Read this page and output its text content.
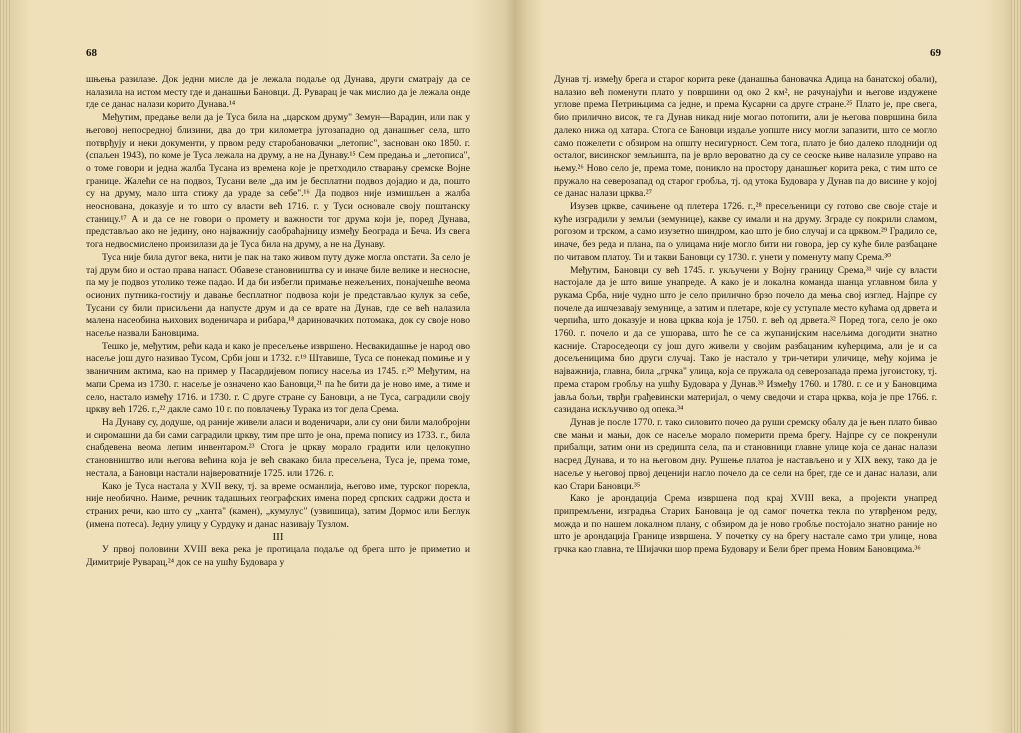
68

шњења разилазе. Док једни мисле да је лежала подаље од Дунава, други сматрају да се налазила на истом месту где и данашњи Бановци. Д. Руварац је чак мислио да је лежала онде где се данас налази корито Дунава.¹⁴

Међутим, предање вели да је Туса била на „царском друму" Земун—Варадин, или пак у његовој непосредној близини, два до три километра југозападно од данашњег села, што потврђују и неки документи, у првом реду старобановачки „летопис", заснован око 1850. г. (спаљен 1943), по коме је Туса лежала на друму, а не на Дунаву.¹⁵ Сем предања и „летописа", о томе говори и једна жалба Тусана из времена које је претходило стварању сремске Војне границе. Жалећи се на подвоз, Тусани веле „да им је бесплатни подвоз дојадио и да, пошто су на друму, мало шта стижу да ураде за себе".¹⁶ Да подвоз није измишљен а жалба неоснована, доказује и то што су власти већ 1716. г. у Туси основале своју поштанску станицу.¹⁷ А и да се не говори о промету и важности тог друма који је, поред Дунава, представљао ако не једину, оно најважнију саобраћајницу између Београда и Беча. Из свега тога недвосмислено произилази да је Туса била на друму, а не на Дунаву.

Туса није била дугог века, нити је пак на тако живом путу дуже могла опстати. За село је тај друм био и остао права напаст. Обавезе становништва су и иначе биле велике и несносне, па му је подвоз утолико теже падао. И да би избегли примање нежељених, понајчешће веома осионих путника-гостију и давање бесплатног подвоза који је представљао кулук за себе, Тусани су били присиљени да напусте друм и да се врате на Дунав, где се већ налазила малена насеобина њихових воденичара и рибара,¹⁸ дариновачких потомака, док су своје ново насеље назвали Бановцима.

Тешко је, међутим, рећи када и како је пресељење извршено. Несвакидашње је народ ово насеље још дуго називао Тусом, Срби још и 1732. г.¹⁹ Штавише, Туса се понекад помиње и у званичним актима, као на пример у Пасардијевом попису насеља из 1745. г.²⁰ Међутим, на мапи Срема из 1730. г. насеље је означено као Бановци,²¹ па ће бити да је ново име, а тиме и село, настало између 1716. и 1730. г. С друге стране су Бановци, а не Туса, саградили своју цркву већ 1726. г.,²² дакле само 10 г. по повлачењу Турака из тог дела Срема.

На Дунаву су, додуше, од раније живели аласи и воденичари, али су они били малоброjни и сиромашни да би сами саградили цркву, тим пре што је она, према попису из 1733. г., била снабдевена веома лепим инвентаром.²³ Стога је цркву морало градити или целокупно становништво или његова већина која је већ свакако била пресељена, Туса је, према томе, нестала, а Бановци настали највероватније 1725. или 1726. г.

Како је Туса настала у XVII веку, тј. за време османлија, његово име, турског порекла, није необично. Наиме, речник тадашњих географских имена поред српских садржи доста и страних речи, као што су „ханта" (камен), „кумулус" (узвишица), затим Дормос или Беглук (имена потеса). Једну улицу у Сурдуку и данас називају Тузлом.

III

У првој половини XVIII века река је протицала подаље од брега што је приметио и Димитрије Руварац,²⁴ док се на ушћу Будовара у

69

Дунав тј. између брега и старог корита реке (данашња бановачка Адица на банатској обали), налазио већ поменути плато у површини од око 2 км², не рачунајући и његове издужене углове према Петрињцима са једне, и према Кусарни са друге стране.²⁵ Плато је, пре свега, био прилично висок, те га Дунав никад није могао потопити, али је његова површина била далеко нижа од хатара. Стога се Бановци издаље уопште нису могли запазити, што се могло само пожелети с обзиром на општу несигурност. Сем тога, плато је био далеко плоднији од осталог, висинског земљишта, па је врло вероватно да су се сеоске њиве налазиле управо на њему.²⁶ Ново село је, према томе, поникло на простору данашњег корита река, с тим што се пружало на северозапад од старог гробља, тј. од утока Будовара у Дунав па до висине у којој се данас налази црква.²⁷

Изузев цркве, сачињене од плетера 1726. г.,²⁸ пресељеници су готово све своје стаје и куће изградили у земљи (земунице), какве су имали и на друму. Зграде су покрили сламом, рогозом и трском, а само изузетно шиндром, као што је био случај и са црквом.²⁹ Градило се, иначе, без реда и плана, па о улицама није могло бити ни говора, јер су куће биле разбацане по читавом платоу. Ти и такви Бановци су 1730. г. унети у поменуту мапу Срема.³⁰

Међутим, Бановци су већ 1745. г. укључени у Војну границу Срема,³¹ чије су власти настојале да је што више унапреде. А како је и локална команда шанца углавном била у рукама Срба, није чудно што је село прилично брзо почело да мења свој изглед. Најпре су почеле да ишчезавају земунице, а затим и плетаре, које су уступале место кућама од дрвета и черпића, што доказује и нова црква која је 1750. г. већ од дрвета.³² Поред тога, село је око 1760. г. почело и да се ушорава, што ће се са жупанијским насељима догодити знатно касније. Староседеоци су још дуго живели у својим разбацаним кућерцима, али је и са досељеницима био други случај. Тако је настало у три-четири уличице, међу којима је најважнија, главна, била „грчка" улица, која се пружала од северозапада према југоистоку, тј. према старом гробљу на ушћу Будовара у Дунав.³³ Између 1760. и 1780. г. се и у Бановцима јавља бољи, тврђи грађевински материјал, о чему сведочи и стара црква, која је пре 1766. г. сазидана искључиво од опека.³⁴

Дунав је после 1770. г. тако силовито почео да руши сремску обалу да је њен плато бивао све мањи и мањи, док се насеље морало померити према брегу. Најпре су се покренули прибалци, затим они из средишта села, па и становници главне улице која се данас налази насред Дунава, и то на његовом дну. Рушење платоа је настављено и у XIX веку, тако да је насеље у његовој првој деценији нагло почело да се сели на брег, где се и данас налази, али као Стари Бановци.³⁵

Како је арондација Срема извршена под крај XVIII века, а пројекти унапред припремљени, изградња Старих Бановаца је од самог почетка текла по утврђеном реду, можда и по нашем локалном плану, с обзиром да је ново гробље постојало знатно раније но што је арондација Границе извршена. У почетку су на брегу настале само три улице, нова грчка као главна, те Шијачки шор према Будовару и Бели брег према Новим Бановцима.³⁶
